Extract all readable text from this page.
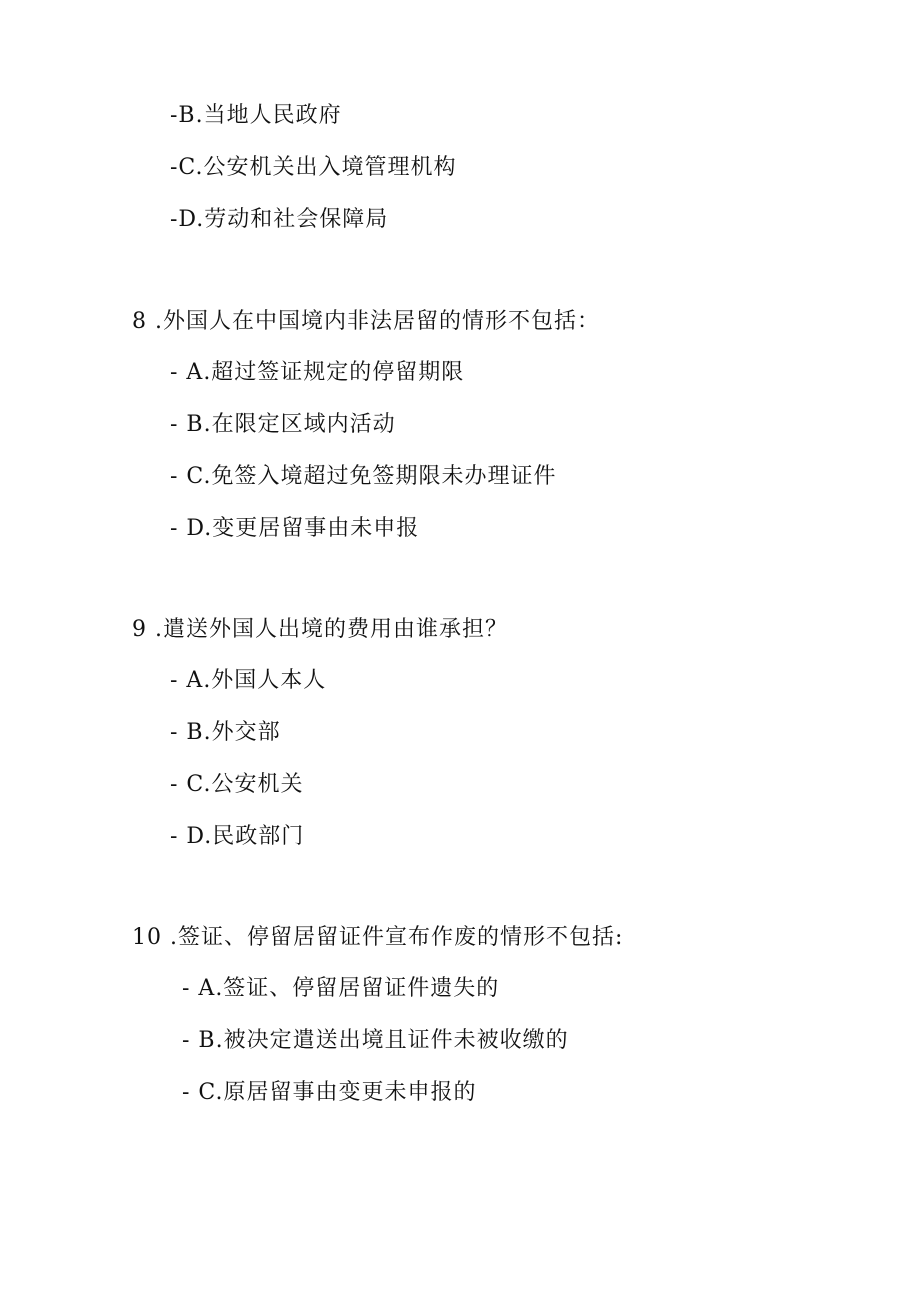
-B.当地人民政府
-C.公安机关出入境管理机构
-D.劳动和社会保障局
8 .外国人在中国境内非法居留的情形不包括：
- A.超过签证规定的停留期限
- B.在限定区域内活动
- C.免签入境超过免签期限未办理证件
- D.变更居留事由未申报
9 .遣送外国人出境的费用由谁承担？
- A.外国人本人
- B.外交部
- C.公安机关
- D.民政部门
10 .签证、停留居留证件宣布作废的情形不包括:
- A.签证、停留居留证件遗失的
- B.被决定遣送出境且证件未被收缴的
- C.原居留事由变更未申报的
